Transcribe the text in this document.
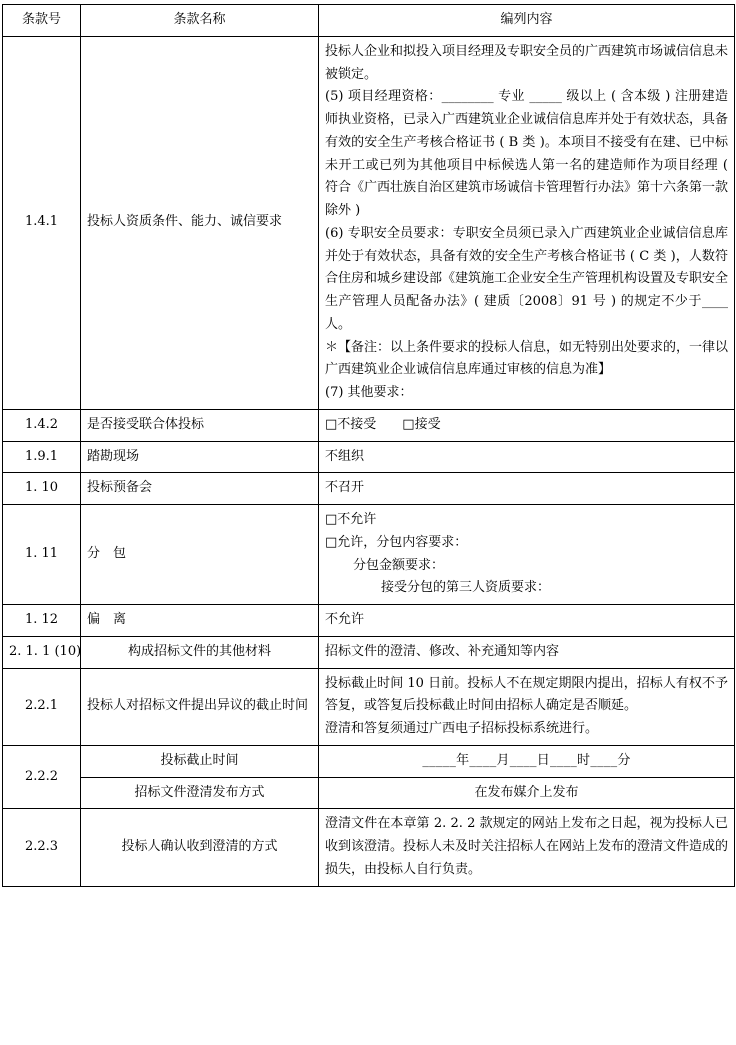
条款号	条款名称	编列内容
1.4.1	投标人资质条件、能力、诚信要求	投标人企业和拟投入项目经理及专职安全员的广西建筑市场诚信信息未被锁定。

(5) 项目经理资格：________ 专业 _____ 级以上 ( 含本级 ) 注册建造师执业资格，已录入广西建筑业企业诚信信息库并处于有效状态，具备有效的安全生产考核合格证书 ( B 类 )。本项目不接受有在建、已中标未开工或已列为其他项目中标候选人第一名的建造师作为项目经理 ( 符合《广西壮族自治区建筑市场诚信卡管理暂行办法》第十六条第一款除外 )

(6) 专职安全员要求：专职安全员须已录入广西建筑业企业诚信信息库并处于有效状态，具备有效的安全生产考核合格证书 ( C 类 )，人数符合住房和城乡建设部《建筑施工企业安全生产管理机构设置及专职安全生产管理人员配备办法》( 建质〔2008〕91 号 ) 的规定不少于____人。

＊【备注：以上条件要求的投标人信息，如无特别出处要求的，一律以广西建筑业企业诚信信息库通过审核的信息为准】

(7) 其他要求：

1.4.2	是否接受联合体投标	□不接受　　□接受

1.9.1	踏勘现场	不组织

1. 10	投标预备会	不召开

1. 11	分　包	□不允许

□允许，分包内容要求：

分包金额要求：

接受分包的第三人资质要求：

1. 12	偏　离	不允许

2. 1. 1 (10)	构成招标文件的其他材料	招标文件的澄清、修改、补充通知等内容

2.2.1	投标人对招标文件提出异议的截止时间	投标截止时间 10 日前。投标人不在规定期限内提出，招标人有权不予答复，或答复后投标截止时间由招标人确定是否顺延。

澄清和答复须通过广西电子招标投标系统进行。

2.2.2	投标截止时间	_____年____月____日____时____分
	招标文件澄清发布方式	在发布媒介上发布
2.2.3	投标人确认收到澄清的方式	澄清文件在本章第 2. 2. 2 款规定的网站上发布之日起，视为投标人已收到该澄清。投标人未及时关注招标人在网站上发布的澄清文件造成的损失，由投标人自行负责。
